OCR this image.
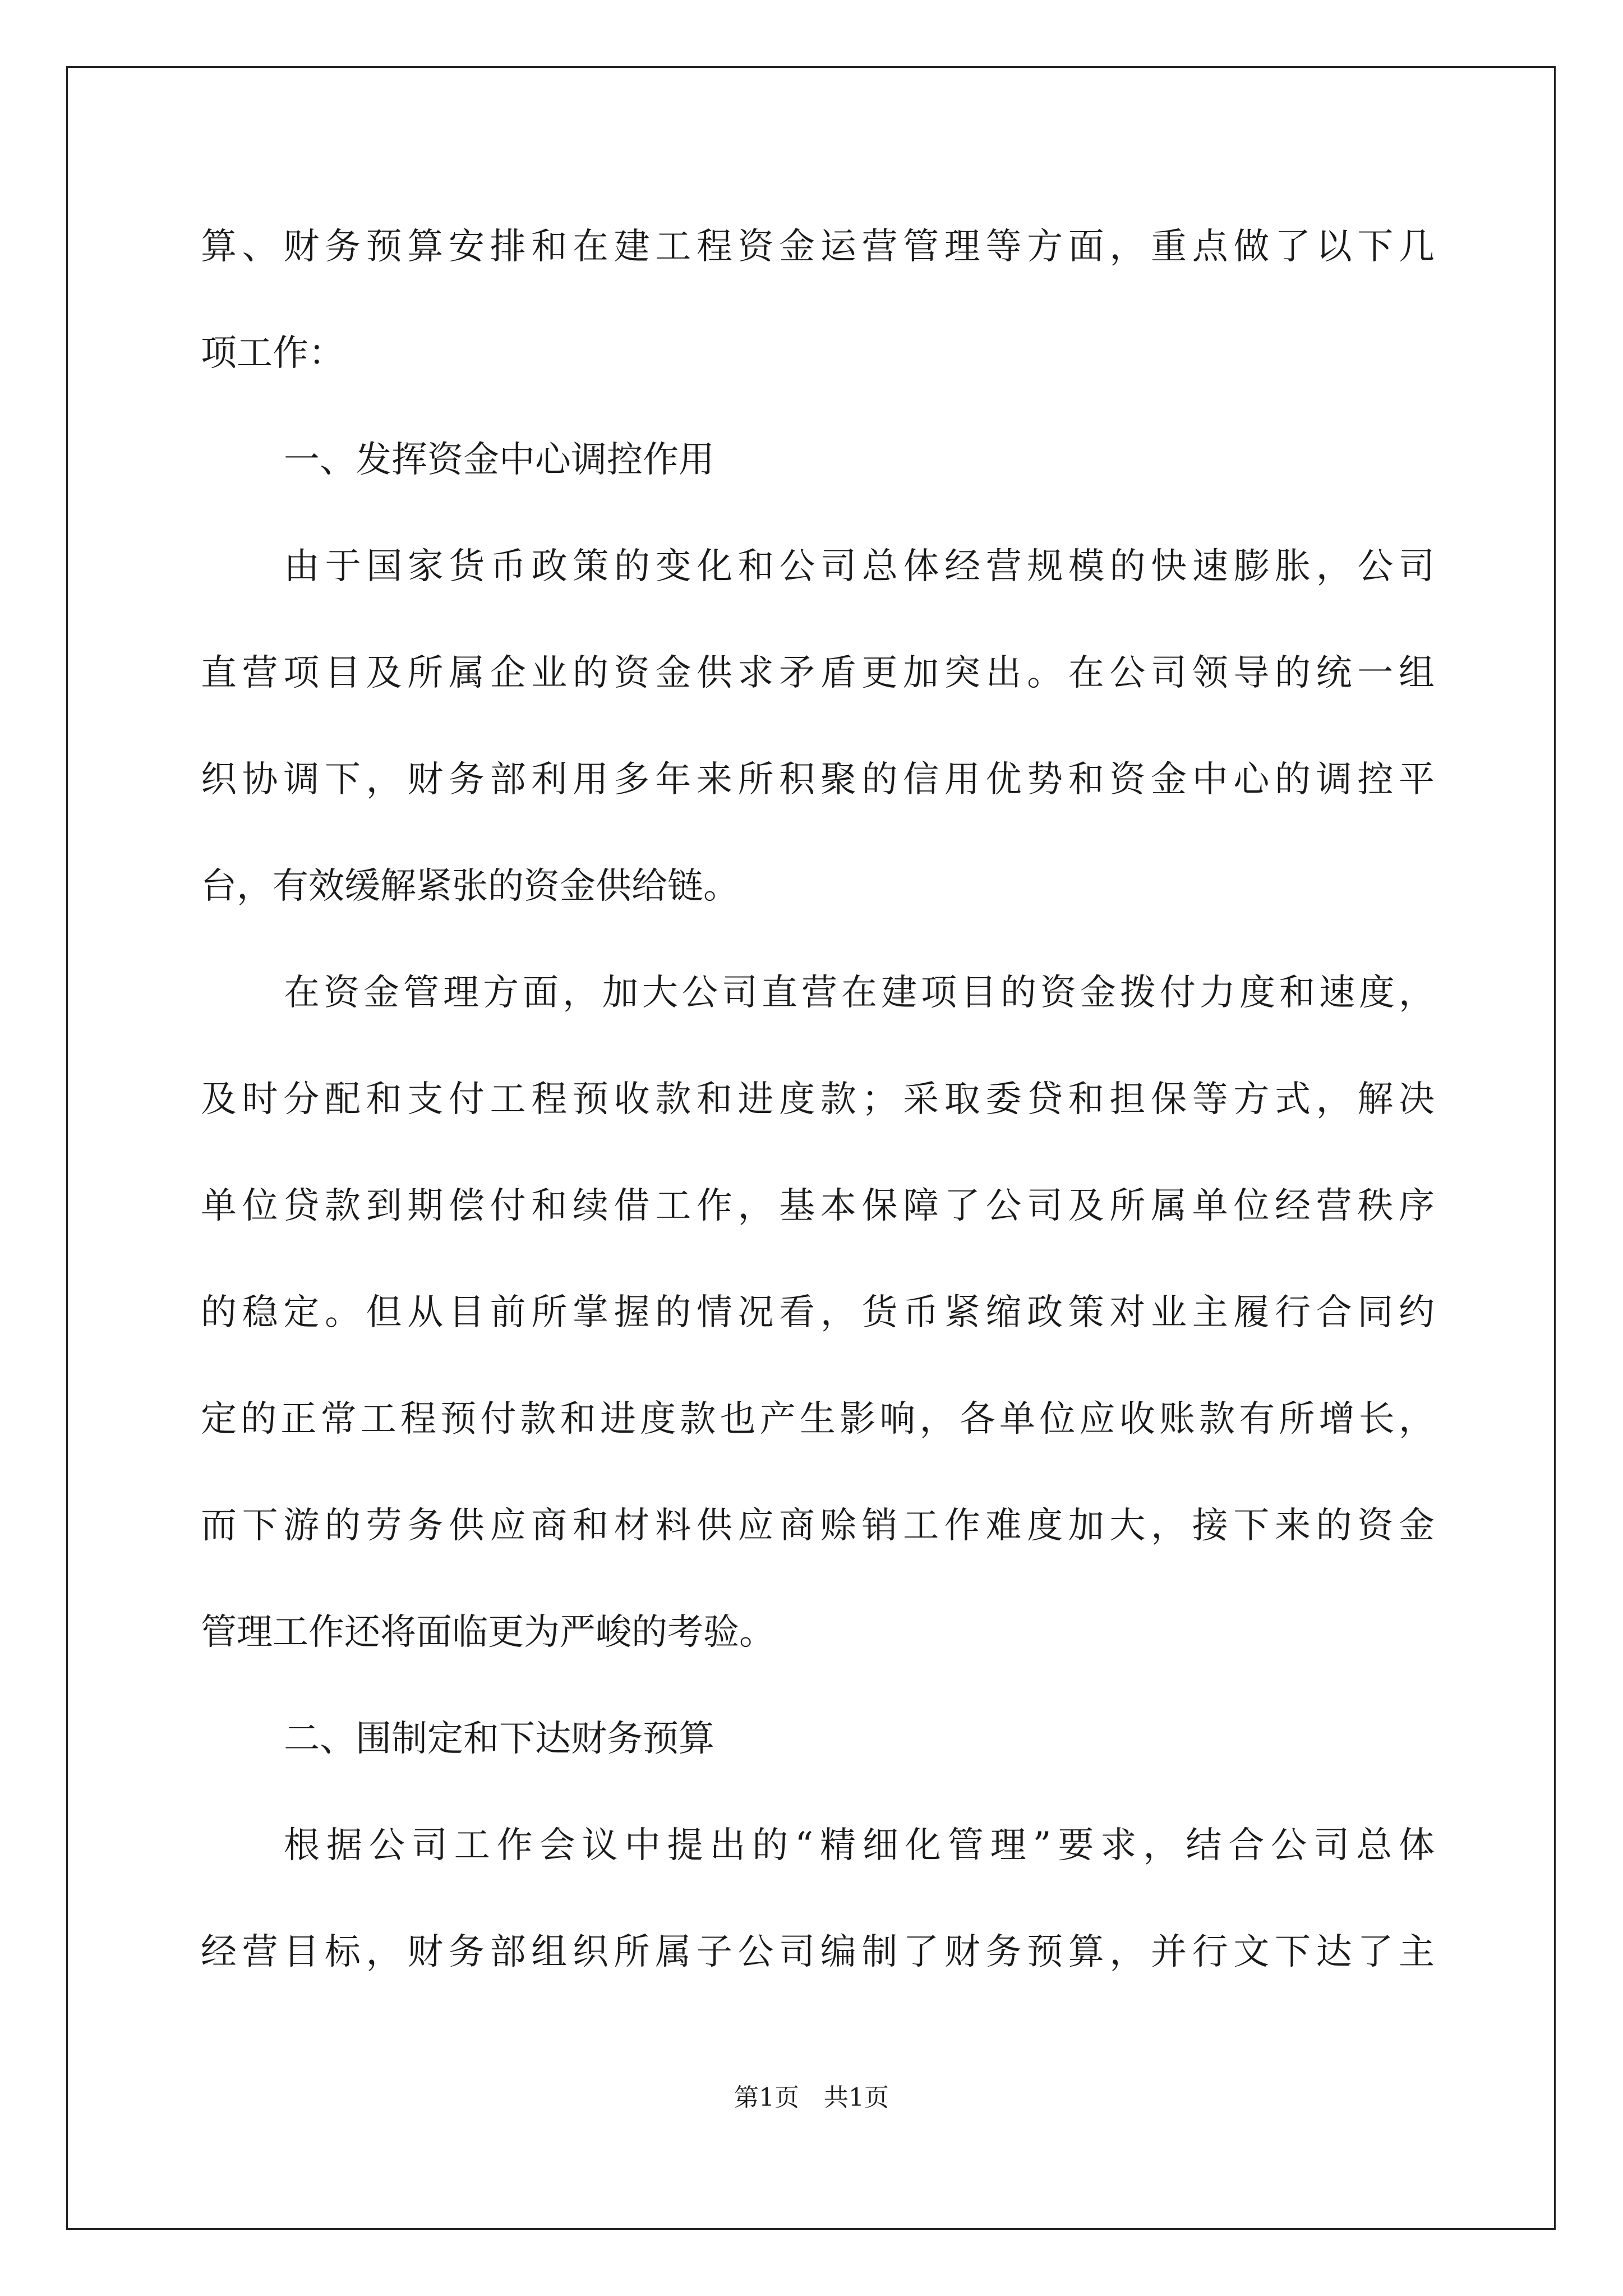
算、财务预算安排和在建工程资金运营管理等方面，重点做了以下几
项工作：
一、发挥资金中心调控作用
由于国家货币政策的变化和公司总体经营规模的快速膨胀，公司
直营项目及所属企业的资金供求矛盾更加突出。在公司领导的统一组
织协调下，财务部利用多年来所积聚的信用优势和资金中心的调控平
台，有效缓解紧张的资金供给链。
在资金管理方面，加大公司直营在建项目的资金拨付力度和速度，
及时分配和支付工程预收款和进度款；采取委贷和担保等方式，解决
单位贷款到期偿付和续借工作，基本保障了公司及所属单位经营秩序
的稳定。但从目前所掌握的情况看，货币紧缩政策对业主履行合同约
定的正常工程预付款和进度款也产生影响，各单位应收账款有所增长，
而下游的劳务供应商和材料供应商赊销工作难度加大，接下来的资金
管理工作还将面临更为严峻的考验。
二、围制定和下达财务预算
根据公司工作会议中提出的“精细化管理”要求，结合公司总体
经营目标，财务部组织所属子公司编制了财务预算，并行文下达了主
第1页　共1页
